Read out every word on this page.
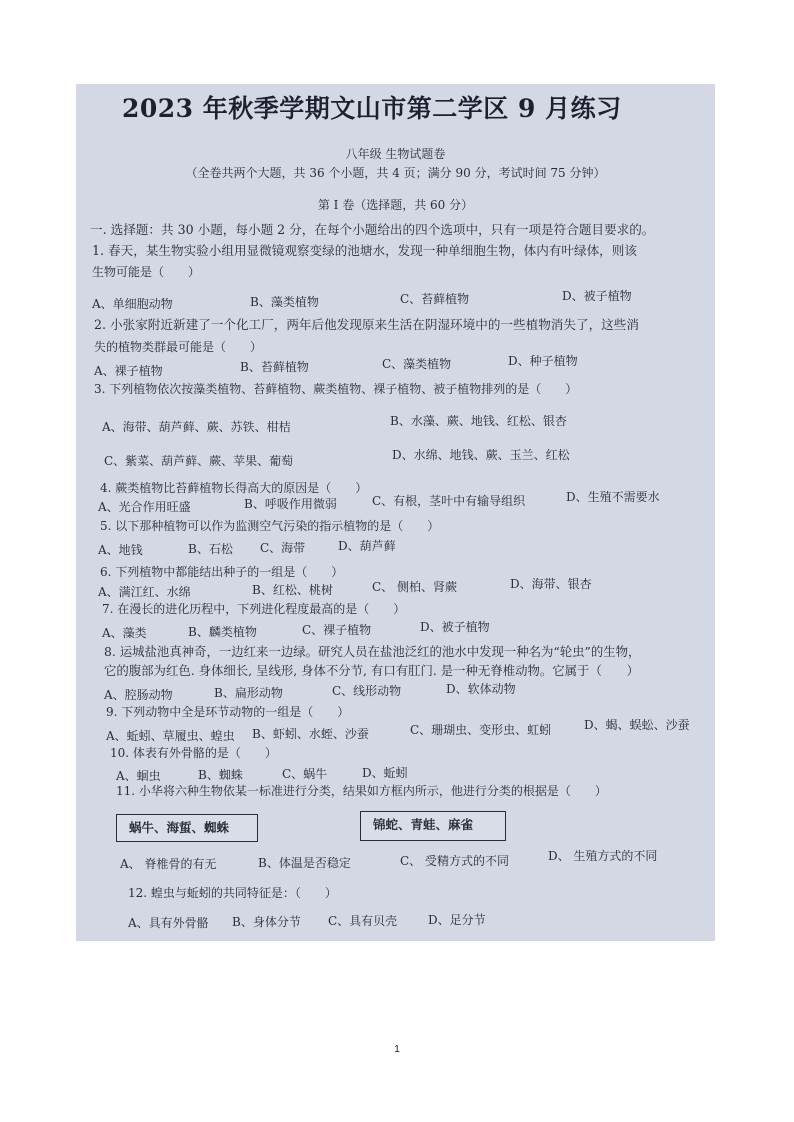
2023 年秋季学期文山市第二学区 9 月练习
八年级 生物试题卷
（全卷共两个大题，共 36 个小题，共 4 页；满分 90 分，考试时间 75 分钟）
第 I 卷（选择题，共 60 分）
一. 选择题：共 30 小题，每小题 2 分，在每个小题给出的四个选项中，只有一项是符合题目要求的。
1. 春天，某生物实验小组用显微镜观察变绿的池塘水，发现一种单细胞生物，体内有叶绿体，则该
生物可能是（　　）
A、单细胞动物	B、藻类植物	C、苔藓植物	D、被子植物
2. 小张家附近新建了一个化工厂，两年后他发现原来生活在阴湿环境中的一些植物消失了，这些消
失的植物类群最可能是（　　）
A、裸子植物	B、苔藓植物	C、藻类植物	D、种子植物
3. 下列植物依次按藻类植物、苔藓植物、蕨类植物、裸子植物、被子植物排列的是（　　）
A、海带、葫芦藓、蕨、苏铁、柑桔	B、水藻、蕨、地钱、红松、银杏
C、紫菜、葫芦藓、蕨、苹果、葡萄	D、水绵、地钱、蕨、玉兰、红松
4. 蕨类植物比苔藓植物长得高大的原因是（　　）
A、光合作用旺盛	B、呼吸作用微弱	C、有根，茎叶中有输导组织	D、生殖不需要水
5. 以下那种植物可以作为监测空气污染的指示植物的是（　　）
A、地钱	B、石松 C、海带	D、葫芦藓
6. 下列植物中都能结出种子的一组是（　　）
A、满江红、水绵	B、红松、桃树	C、 侧柏、肾蕨	D、海带、银杏
7. 在漫长的进化历程中，下列进化程度最高的是（　　）
A、藻类	B、麟类植物	C、裸子植物	D、被子植物
8. 运城盐池真神奇，一边红来一边绿。研究人员在盐池泛红的池水中发现一种名为“轮虫”的生物，
它的腹部为红色. 身体细长, 呈线形, 身体不分节, 有口有肛门. 是一种无脊椎动物。它属于（　　）
A、腔肠动物	B、扁形动物	C、线形动物	D、软体动物
9. 下列动物中全是环节动物的一组是（　　）
A、蚯蚓、草履虫、蝗虫 B、虾蚓、水蛭、沙蚕	C、珊瑚虫、变形虫、虹蚓	D、蝎、蜈蚣、沙蚕
10. 体表有外骨骼的是（　　）
A、蛔虫	B、蜘蛛	C、蜗牛	D、蚯蚓
11. 小华将六种生物依某一标准进行分类，结果如方框内所示，他进行分类的根据是（　　）
蜗牛、海蜇、蜘蛛	锦蛇、青蛙、麻雀
A、 脊椎骨的有无	B、体温是否稳定	C、 受精方式的不同	D、 生殖方式的不同
12. 蝗虫与蚯蚓的共同特征是：（　　）
A、具有外骨骼 B、身体分节 C、具有贝壳	D、足分节
1
